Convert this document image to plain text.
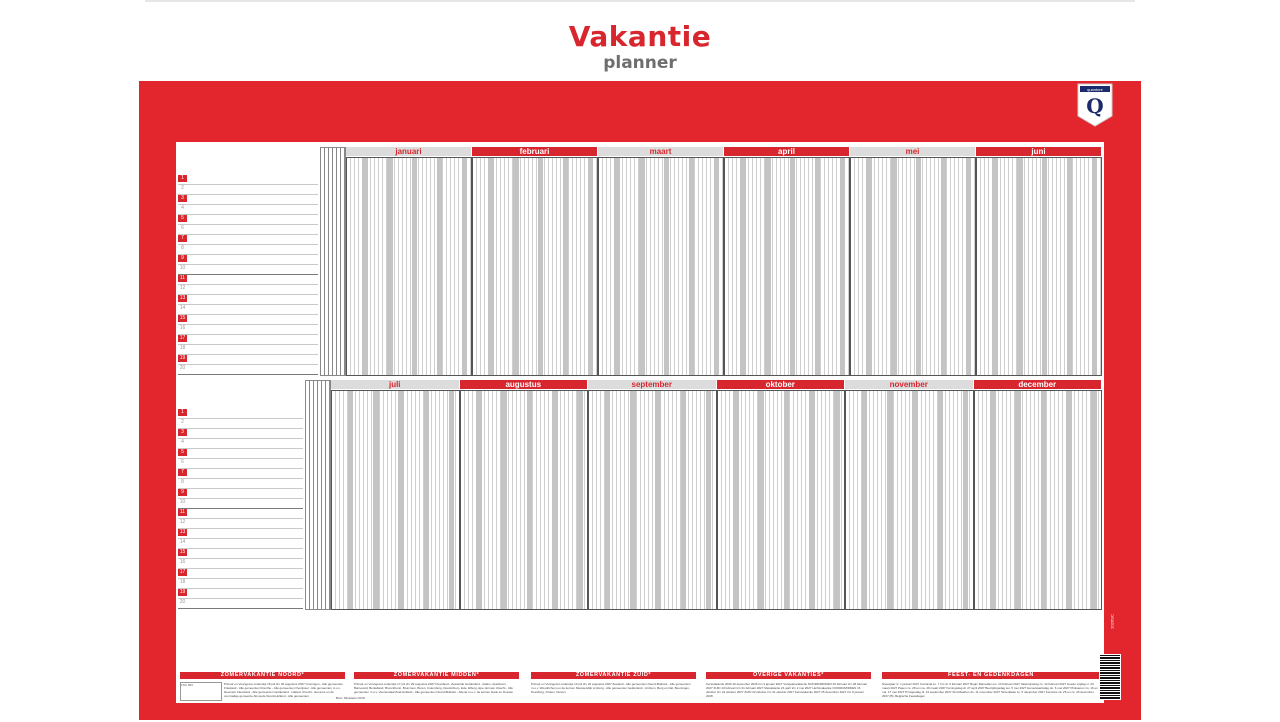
Vakantie
planner
Q
quantore
januari	februari	maart	april	mei	juni
1
2
3
4
5
6
7
8
9
10
11
12
13
14
15
16
17
18
19
20
juli	augustus	september	oktober	november	december
1
2
3
4
5
6
7
8
9
10
11
12
13
14
15
16
17
18
19
20
ZOMERVAKANTIE NOORD*
Primair en Voortgezet onderwijs 18 juli t/m 30 augustus 2027 Groningen - Alle gemeenten Friesland - Alle gemeenten Drenthe - Alle gemeenten Overijssel - Alle gemeenten m.u.v. Deventer Flevoland - Alle gemeenten Gelderland - Hattem Utrecht - Eemnes en de voormalige gemeente Abcoude Noord-Holland - Alle gemeenten
ZOMERVAKANTIE MIDDEN*
Primair en Voortgezet onderwijs 17 juli t/m 29 augustus 2027 Flevoland - Zeewolde Gelderland - Aalten, Apeldoorn, Barneveld, Berkelland, Bronckhorst, Brummen, Buren, Culemborg, Doetinchem, Ede, Elburg, Epe, Ermelo Utrecht - Alle gemeenten m.u.v. Veenendaal Zuid-Holland - Alle gemeenten Noord-Brabant - Altena m.u.v. de kernen Hank en Dussen
ZOMERVAKANTIE ZUID*
Primair en Voortgezet onderwijs 10 juli t/m 22 augustus 2027 Zeeland - Alle gemeenten Noord-Brabant - Alle gemeenten m.u.v. Woudrichem en de kernen Nieuwendijk Limburg - Alle gemeenten Gelderland - Arnhem, Berg en Dal, Beuningen, Doesburg, Druten, Duiven
OVERIGE VAKANTIES*
Kerstvakantie 2026 19 december 2026 t/m 3 januari 2027 Voorjaarsvakantie NOORD/MIDDEN 20 februari t/m 28 februari 2027 ZUID 13 februari t/m 21 februari 2027 Meivakantie 24 april t/m 2 mei 2027 Herfstvakantie NOORD/MIDDEN 16 oktober t/m 24 oktober 2027 ZUID 23 oktober t/m 31 oktober 2027 Kerstvakantie 2027 25 december 2027 t/m 9 januari 2028
FEEST- EN GEDENKDAGEN
Nieuwjaar vr. 1 januari 2027 Carnaval zo. 7 t/m di. 9 februari 2027 Begin Ramadan wo. 10 februari 2027 Valentijnsdag zo. 14 februari 2027 Goede vrijdag vr. 26 maart 2027 Pasen zo. 28 en ma. 29 maart 2027 Koningsdag di. 27 april 2027 Bevrijdingsdag wo. 5 mei 2027 Hemelvaartsdag do. 6 mei 2027 Pinksteren zo. 16 en ma. 17 mei 2027 Prinsjesdag di. 21 september 2027 Sint-Maarten do. 11 november 2027 Sinterklaas zo. 5 december 2027 Kerstmis za. 25 en zo. 26 december 2027 (B): Belgische Feestdagen
FSC MIX
Bron: Ministerie OCW
2026SC
